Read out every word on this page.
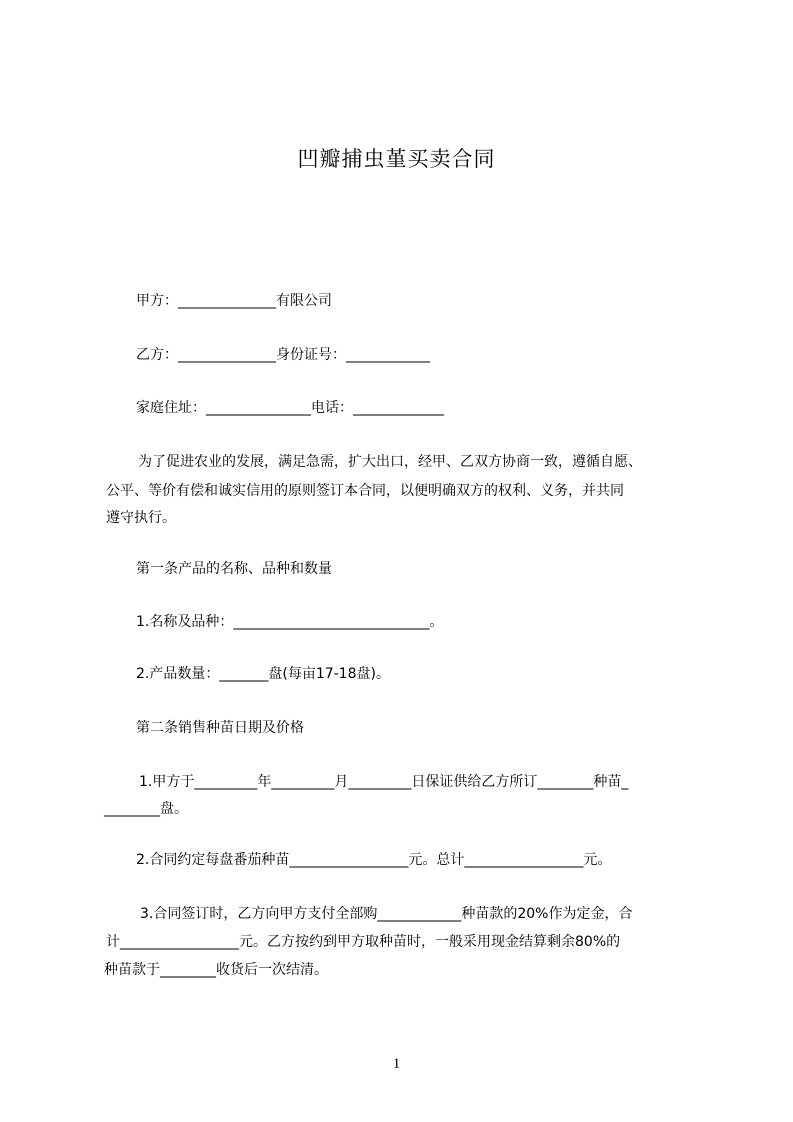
凹瓣捕虫堇买卖合同
甲方：______________有限公司
乙方：______________身份证号：____________
家庭住址：_______________电话：_____________
为了促进农业的发展，满足急需，扩大出口，经甲、乙双方协商一致，遵循自愿、
公平、等价有偿和诚实信用的原则签订本合同，以便明确双方的权利、义务，并共同
遵守执行。
第一条产品的名称、品种和数量
1.名称及品种：____________________________。
2.产品数量：_______盘(每亩17-18盘)。
第二条销售种苗日期及价格
1.甲方于_________年_________月_________日保证供给乙方所订________种苗_
________盘。
2.合同约定每盘番茄种苗_________________元。总计_________________元。
3.合同签订时，乙方向甲方支付全部购____________种苗款的20%作为定金，合
计_________________元。乙方按约到甲方取种苗时，一般采用现金结算剩余80%的
种苗款于________收货后一次结清。
1
